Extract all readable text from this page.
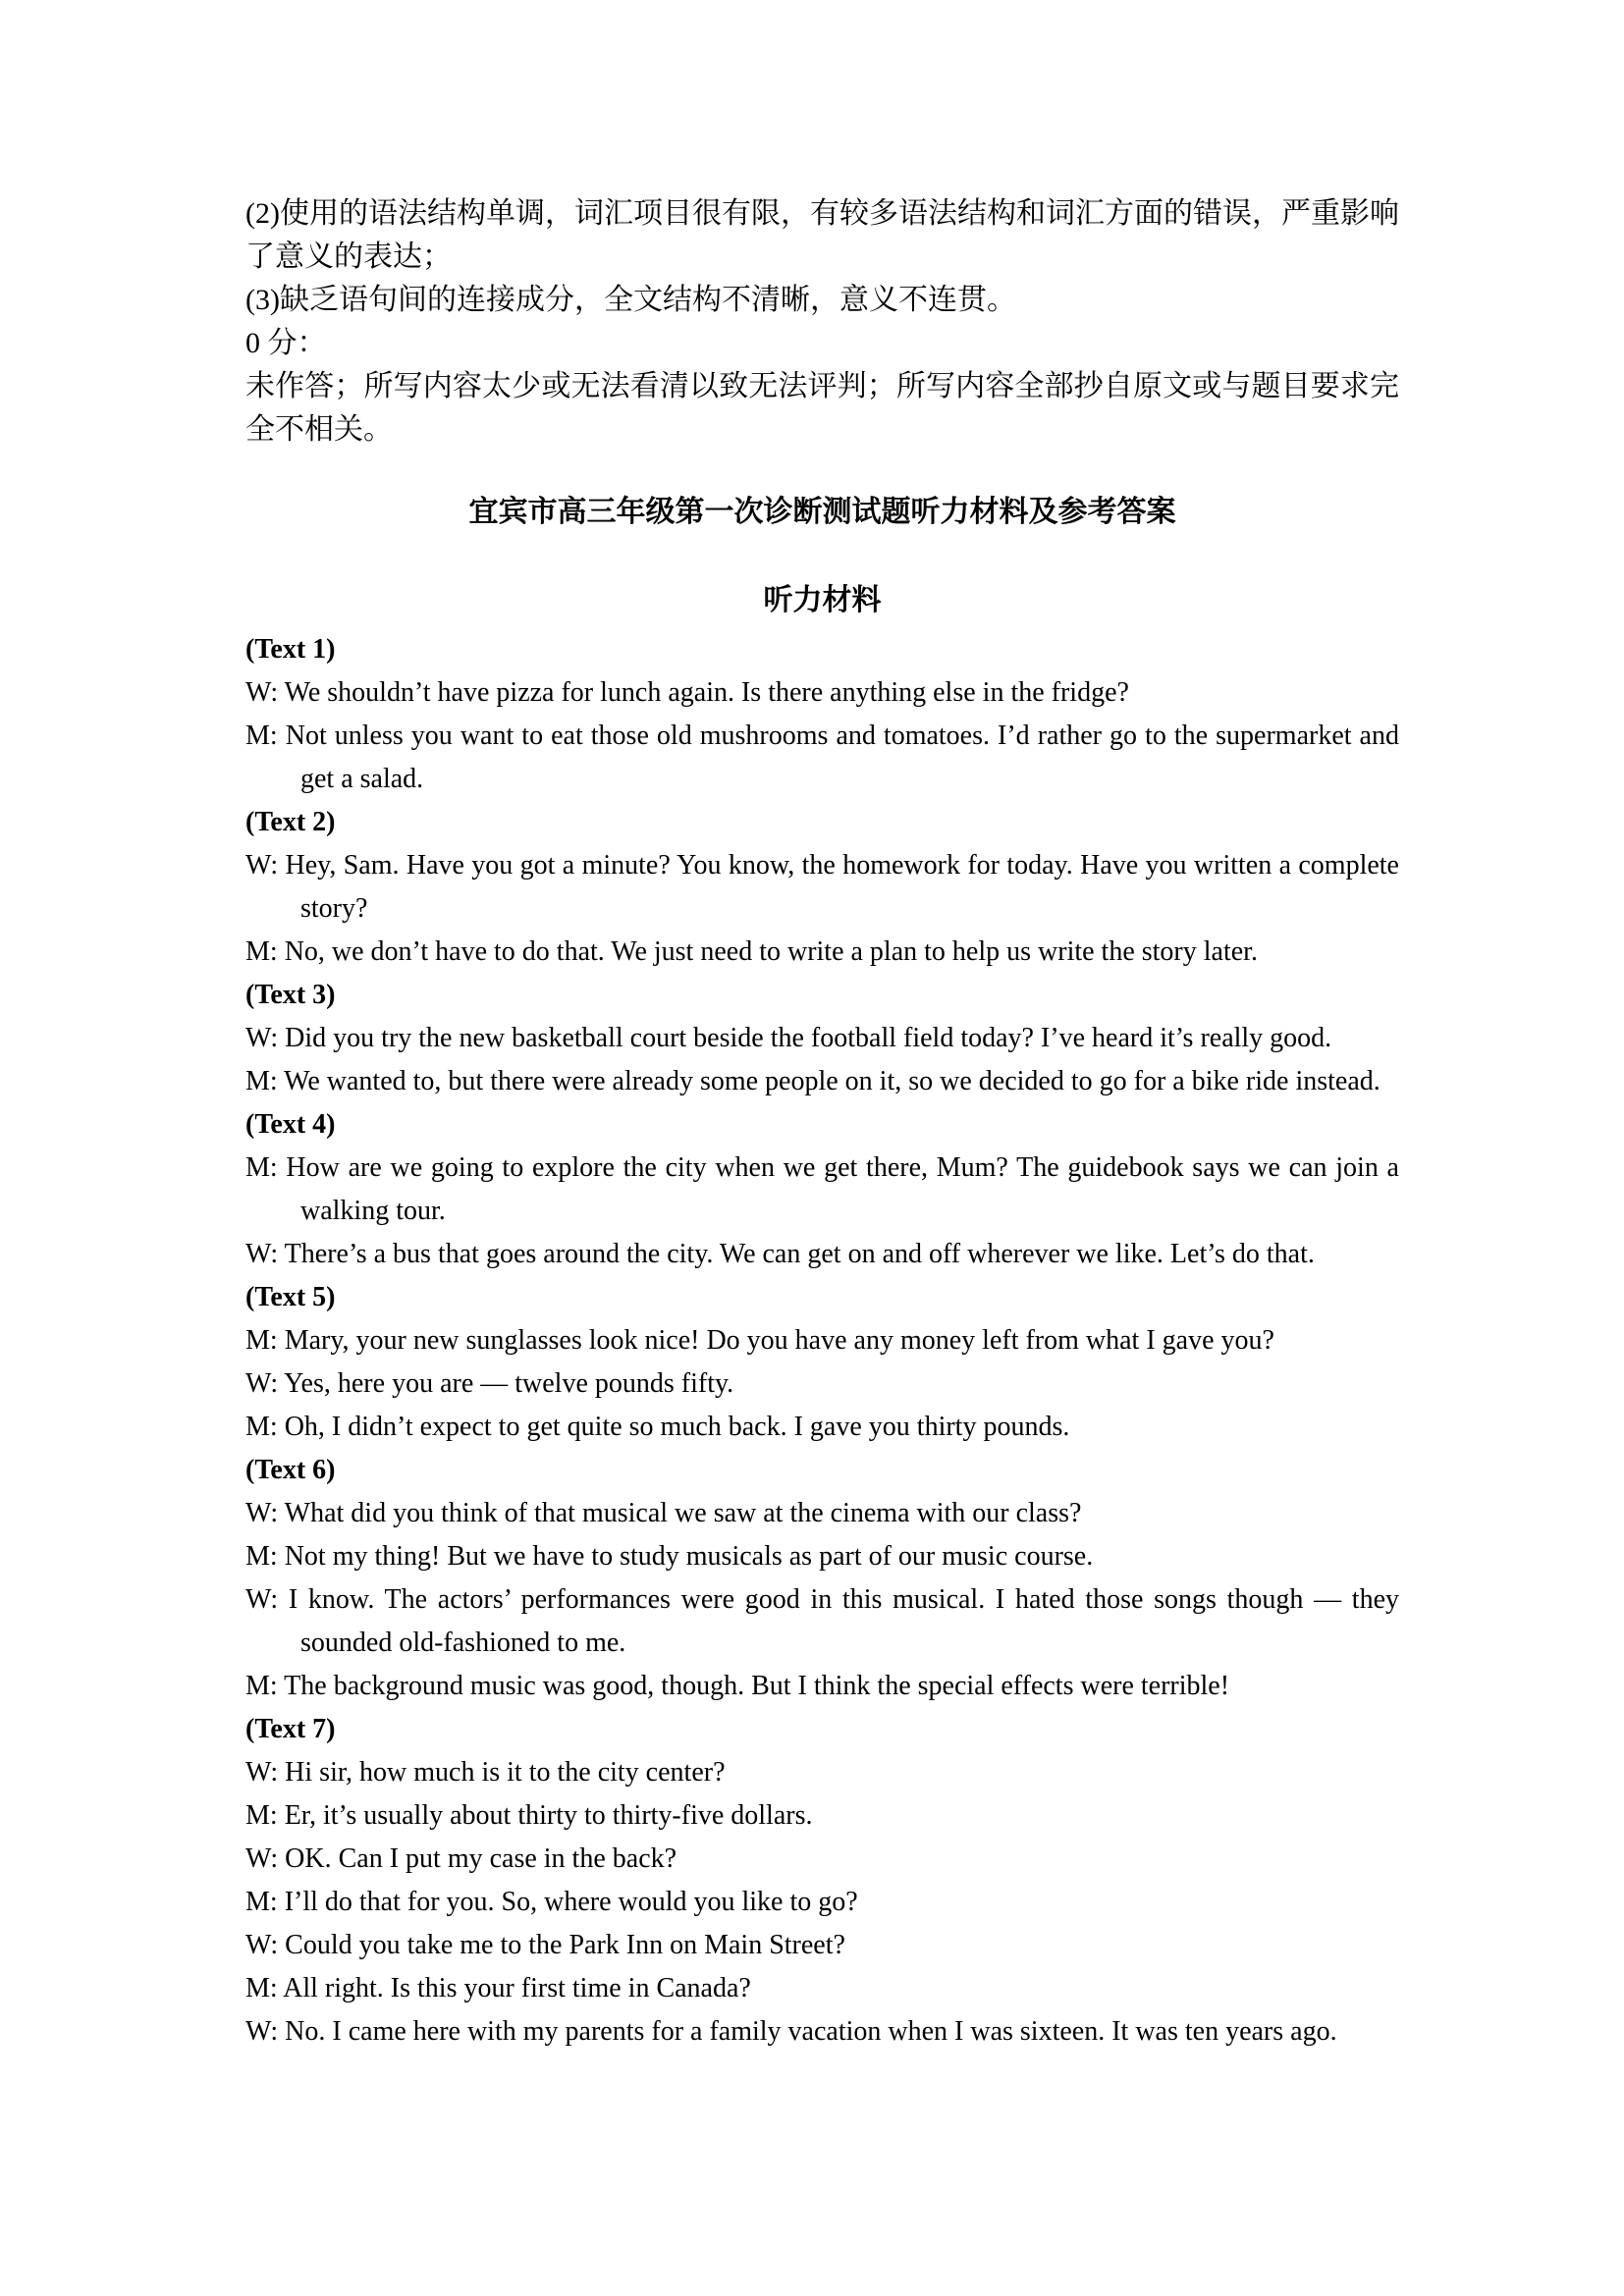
(2)使用的语法结构单调，词汇项目很有限，有较多语法结构和词汇方面的错误，严重影响了意义的表达；

(3)缺乏语句间的连接成分，全文结构不清晰，意义不连贯。

0 分：

未作答；所写内容太少或无法看清以致无法评判；所写内容全部抄自原文或与题目要求完全不相关。

宜宾市高三年级第一次诊断测试题听力材料及参考答案

听力材料

(Text 1)

W: We shouldn’t have pizza for lunch again. Is there anything else in the fridge?

M: Not unless you want to eat those old mushrooms and tomatoes. I’d rather go to the supermarket and get a salad.

(Text 2)

W: Hey, Sam. Have you got a minute? You know, the homework for today. Have you written a complete story?

M: No, we don’t have to do that. We just need to write a plan to help us write the story later.

(Text 3)

W: Did you try the new basketball court beside the football field today? I’ve heard it’s really good.

M: We wanted to, but there were already some people on it, so we decided to go for a bike ride instead.

(Text 4)

M: How are we going to explore the city when we get there, Mum? The guidebook says we can join a walking tour.

W: There’s a bus that goes around the city. We can get on and off wherever we like. Let’s do that.

(Text 5)

M: Mary, your new sunglasses look nice! Do you have any money left from what I gave you?

W: Yes, here you are — twelve pounds fifty.

M: Oh, I didn’t expect to get quite so much back. I gave you thirty pounds.

(Text 6)

W: What did you think of that musical we saw at the cinema with our class?

M: Not my thing! But we have to study musicals as part of our music course.

W: I know. The actors’ performances were good in this musical. I hated those songs though — they sounded old-fashioned to me.

M: The background music was good, though. But I think the special effects were terrible!

(Text 7)

W: Hi sir, how much is it to the city center?

M: Er, it’s usually about thirty to thirty-five dollars.

W: OK. Can I put my case in the back?

M: I’ll do that for you. So, where would you like to go?

W: Could you take me to the Park Inn on Main Street?

M: All right. Is this your first time in Canada?

W: No. I came here with my parents for a family vacation when I was sixteen. It was ten years ago.
